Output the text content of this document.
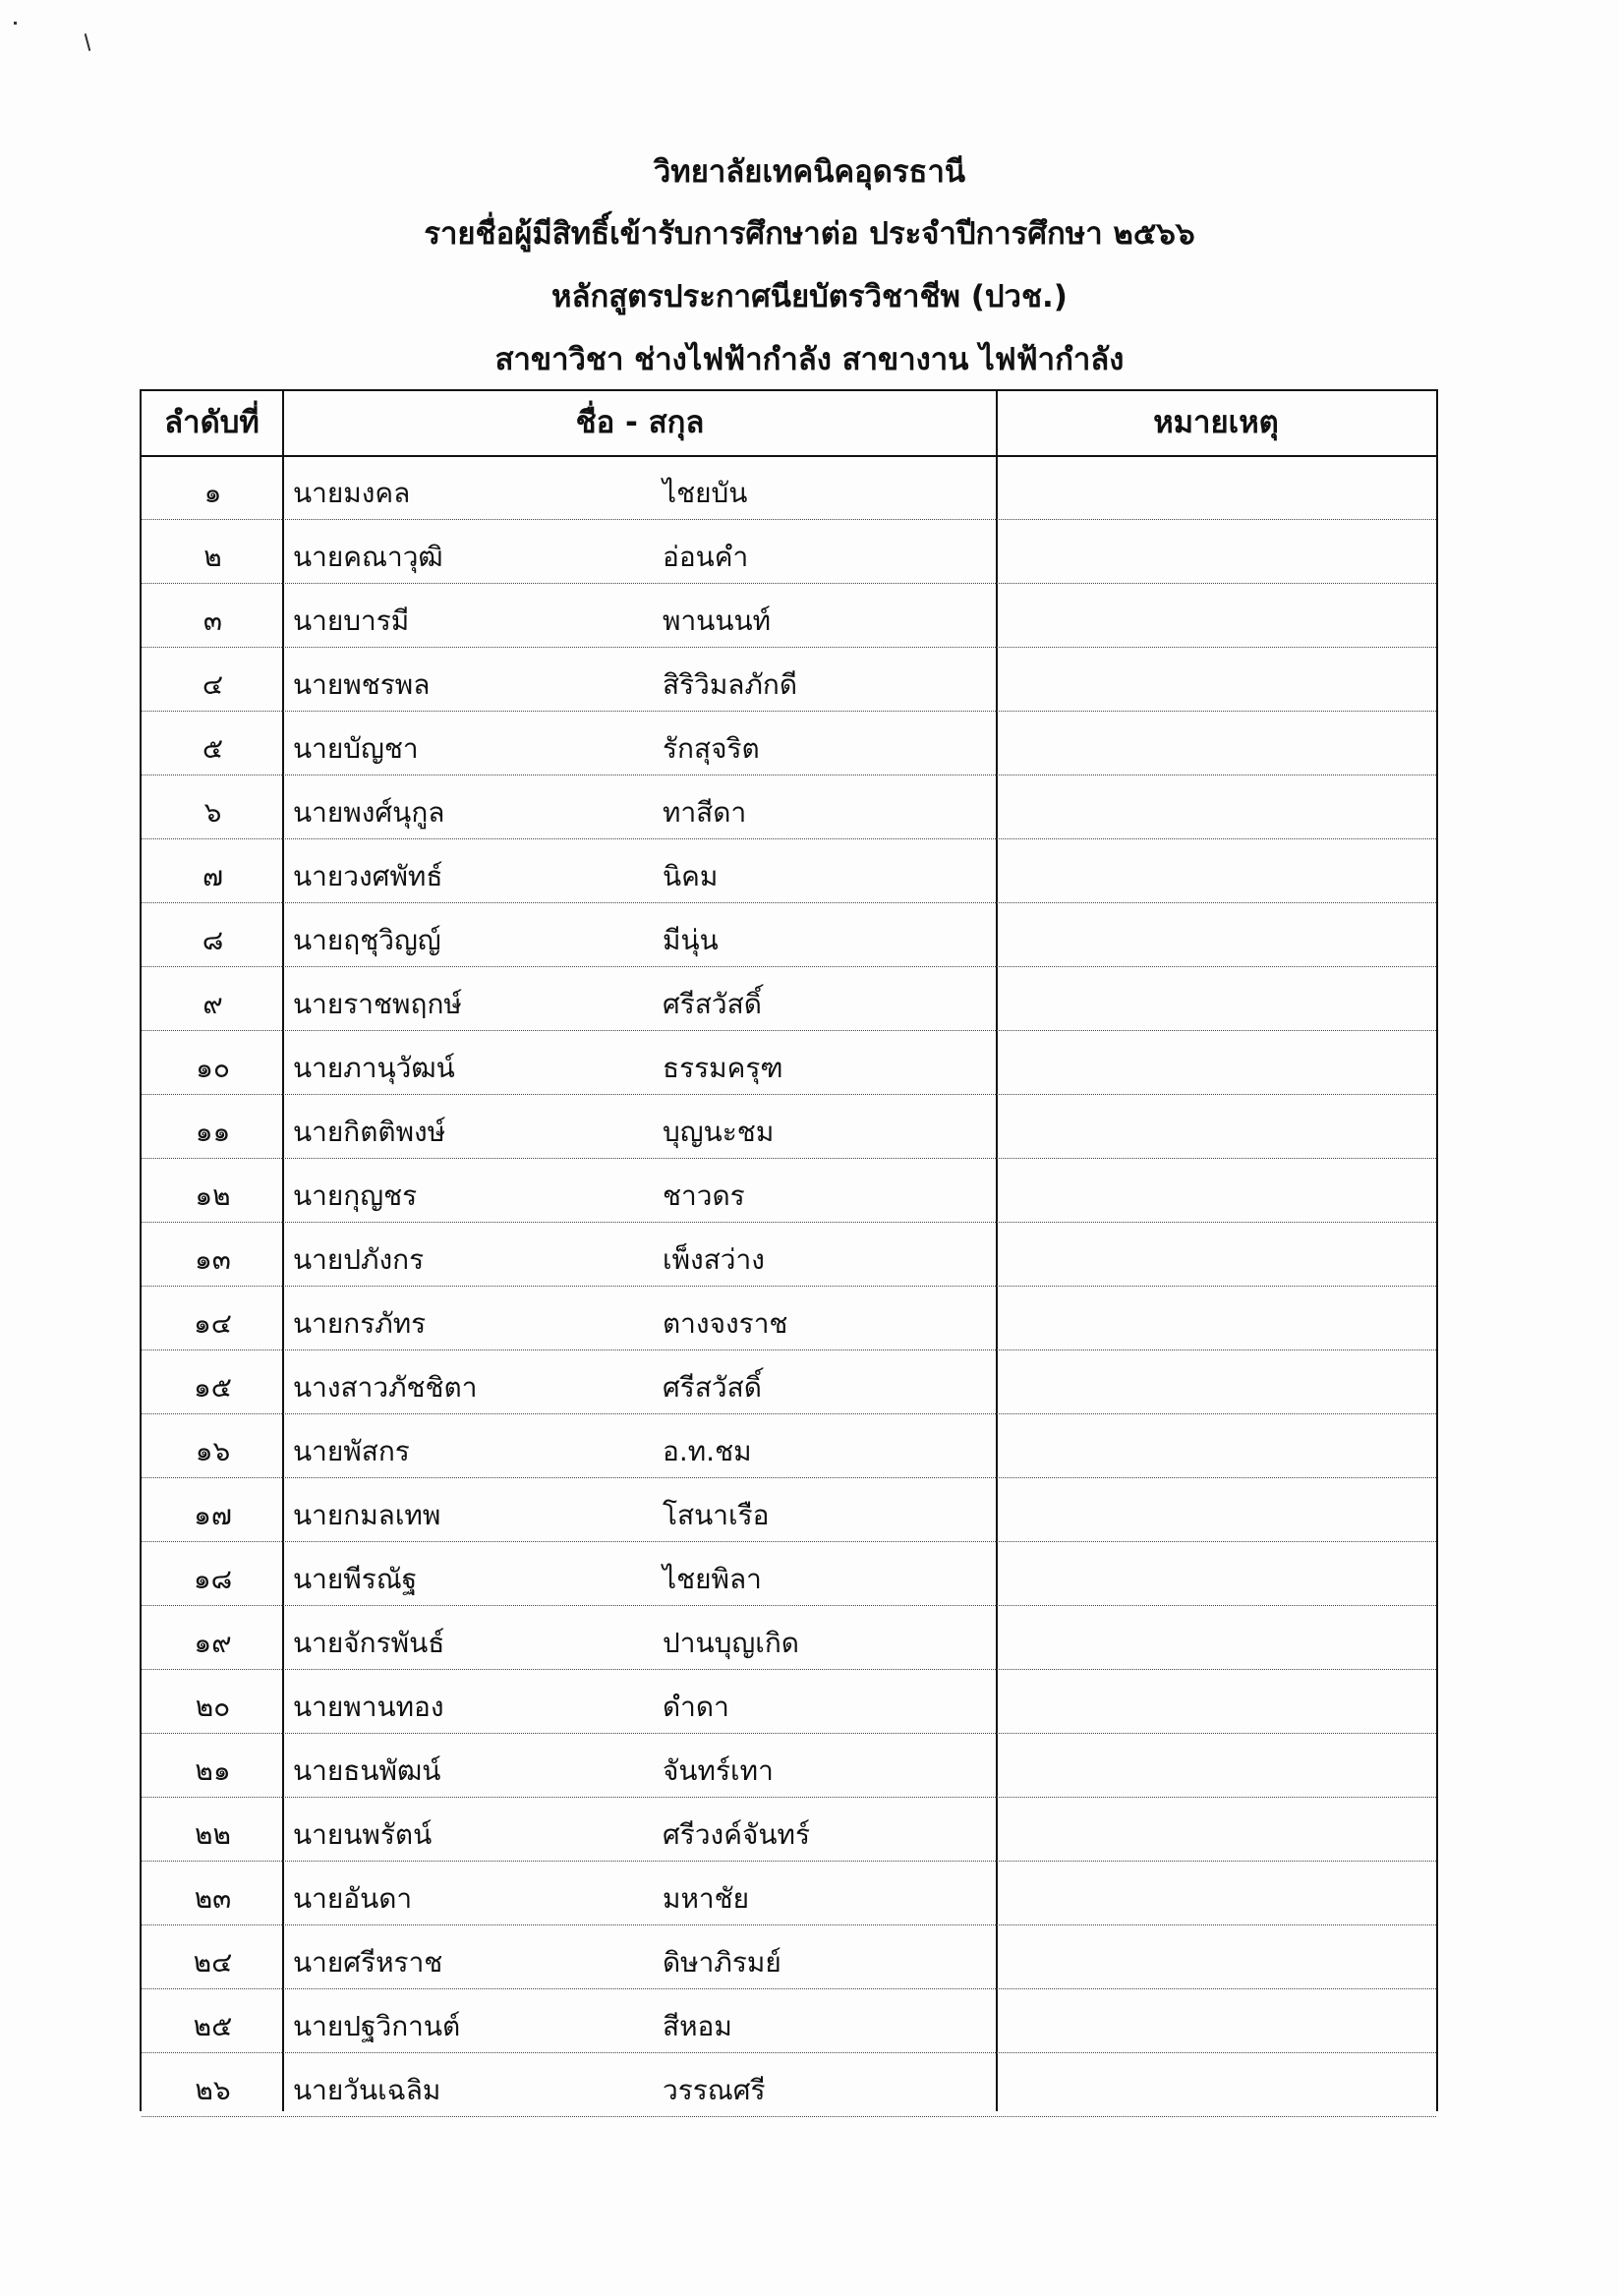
วิทยาลัยเทคนิคอุดรธานี
รายชื่อผู้มีสิทธิ์เข้ารับการศึกษาต่อ ประจำปีการศึกษา ๒๕๖๖
หลักสูตรประกาศนียบัตรวิชาชีพ (ปวช.)
สาขาวิชา ช่างไฟฟ้ากำลัง สาขางาน ไฟฟ้ากำลัง
ลำดับที่	ชื่อ - สกุล	หมายเหตุ
๑	นายมงคล	ไชยบัน
๒	นายคณาวุฒิ	อ่อนคำ
๓	นายบารมี	พานนนท์
๔	นายพชรพล	สิริวิมลภักดี
๕	นายบัญชา	รักสุจริต
๖	นายพงศ์นุกูล	ทาสีดา
๗	นายวงศพัทธ์	นิคม
๘	นายฤชุวิญญ์	มีนุ่น
๙	นายราชพฤกษ์	ศรีสวัสดิ์
๑๐	นายภานุวัฒน์	ธรรมครุฑ
๑๑	นายกิตติพงษ์	บุญนะชม
๑๒	นายกุญชร	ชาวดร
๑๓	นายปภังกร	เพ็งสว่าง
๑๔	นายกรภัทร	ตางจงราช
๑๕	นางสาวภัชชิตา	ศรีสวัสดิ์
๑๖	นายพัสกร	อ.ท.ชม
๑๗	นายกมลเทพ	โสนาเรือ
๑๘	นายพีรณัฐ	ไชยพิลา
๑๙	นายจักรพันธ์	ปานบุญเกิด
๒๐	นายพานทอง	ดำดา
๒๑	นายธนพัฒน์	จันทร์เทา
๒๒	นายนพรัตน์	ศรีวงค์จันทร์
๒๓	นายอันดา	มหาชัย
๒๔	นายศรีหราช	ดิษาภิรมย์
๒๕	นายปฐวิกานต์	สีหอม
๒๖	นายวันเฉลิม	วรรณศรี
